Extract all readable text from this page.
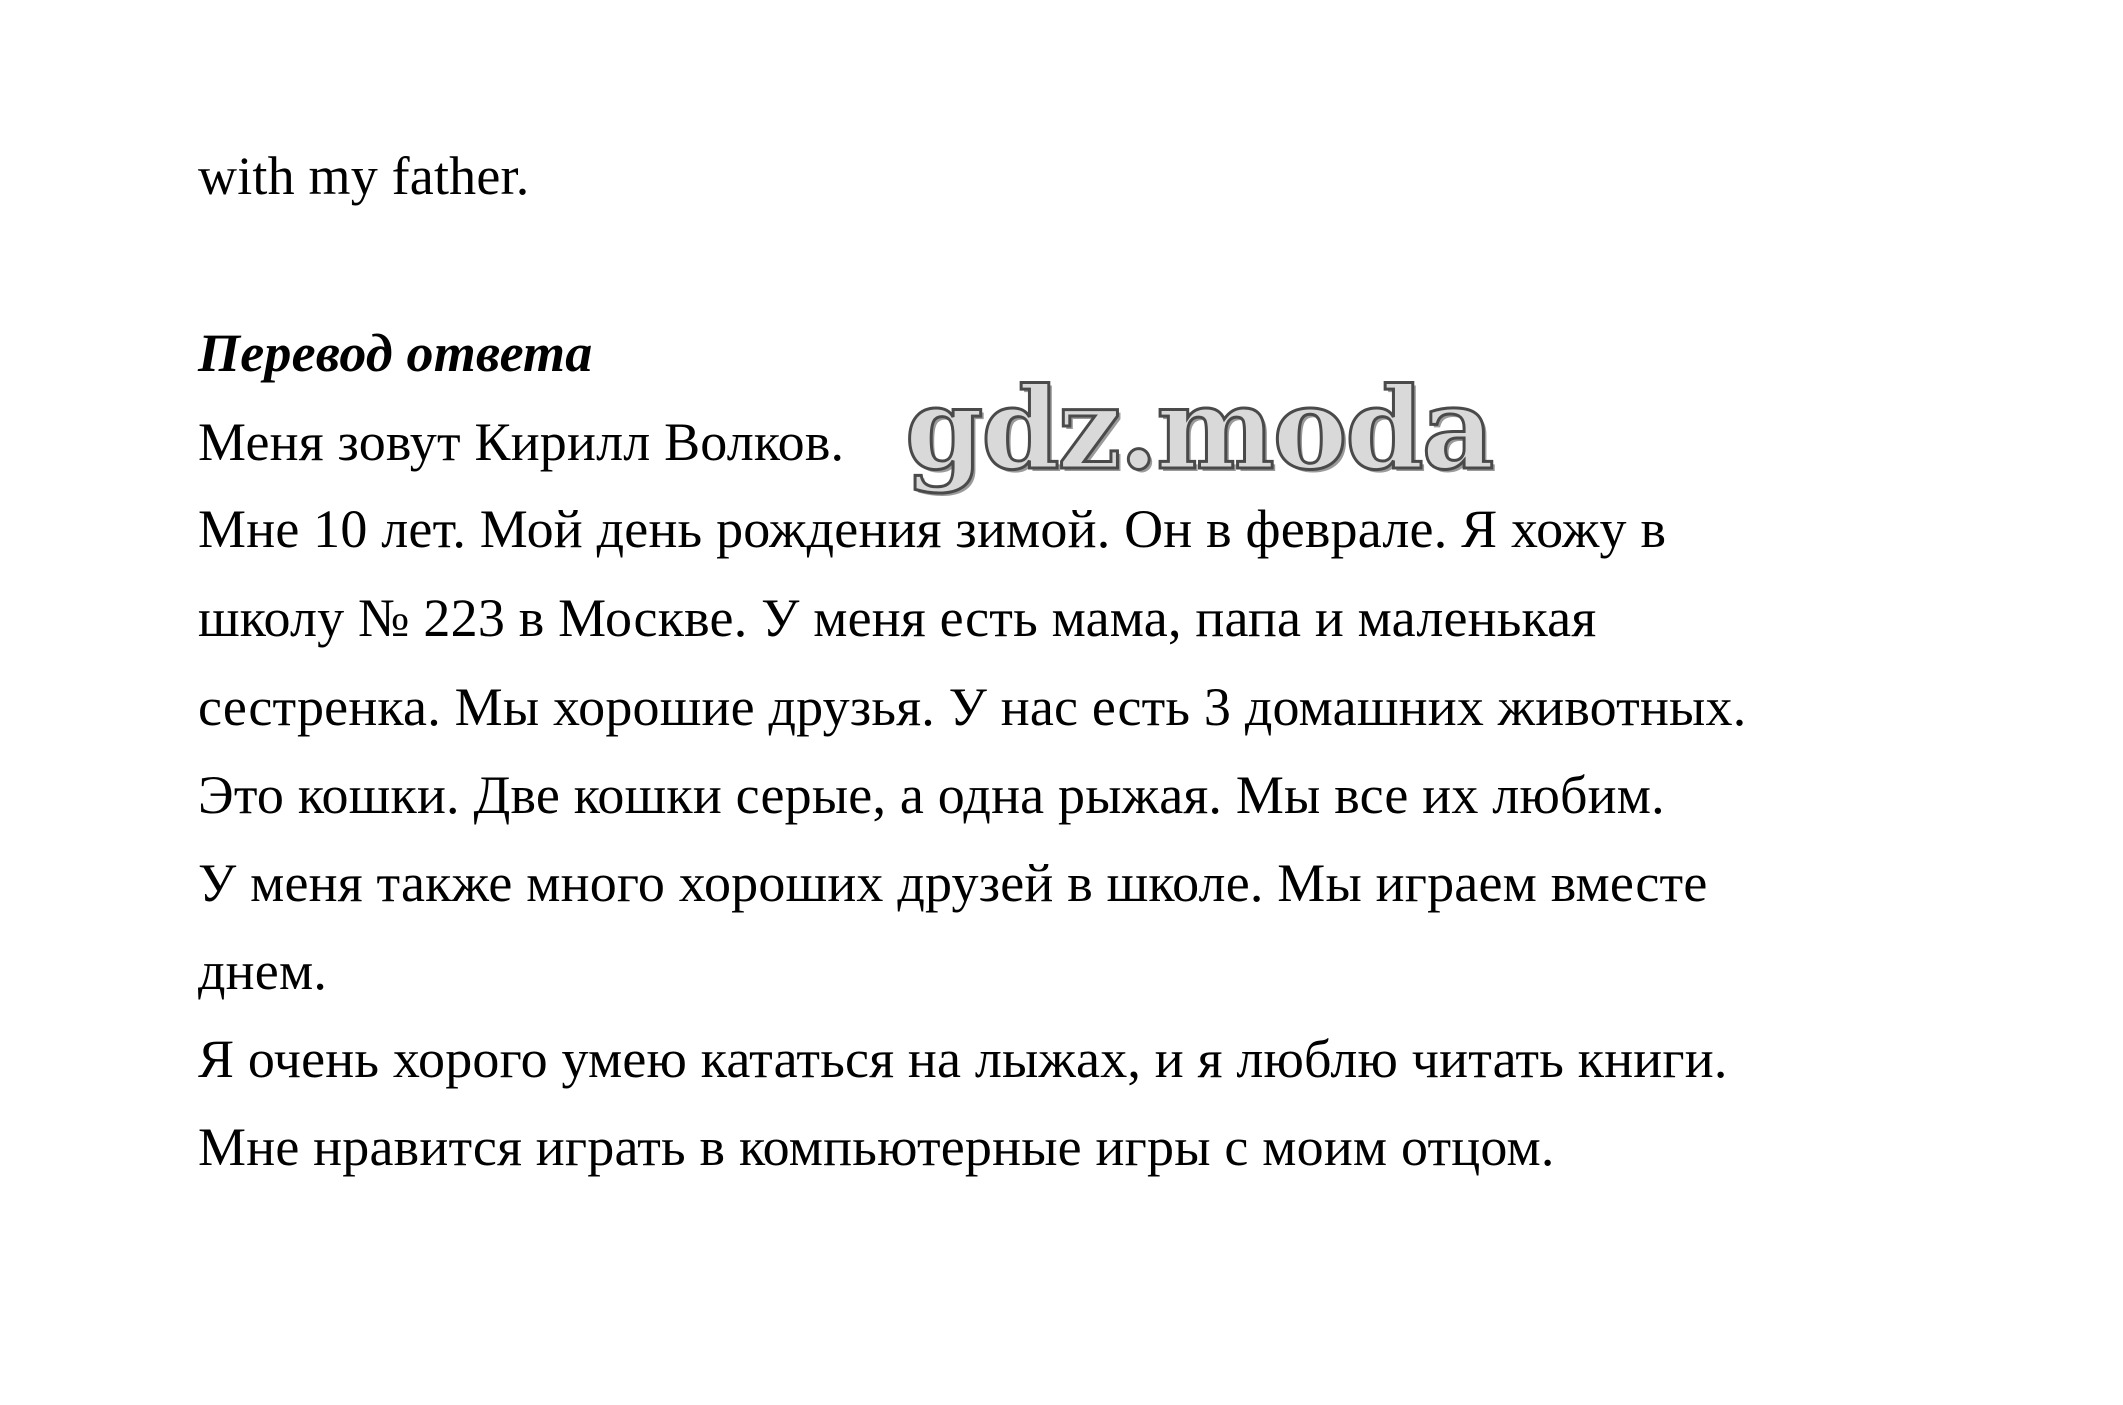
with my father.
Перевод ответа
Меня зовут Кирилл Волков.
Мне 10 лет. Мой день рождения зимой. Он в феврале. Я хожу в
школу № 223 в Москве. У меня есть мама, папа и маленькая
сестренка. Мы хорошие друзья. У нас есть 3 домашних животных.
Это кошки. Две кошки серые, а одна рыжая. Мы все их любим.
У меня также много хороших друзей в школе. Мы играем вместе
днем.
Я очень хорого умею кататься на лыжах, и я люблю читать книги.
Мне нравится играть в компьютерные игры с моим отцом.
gdz.moda
